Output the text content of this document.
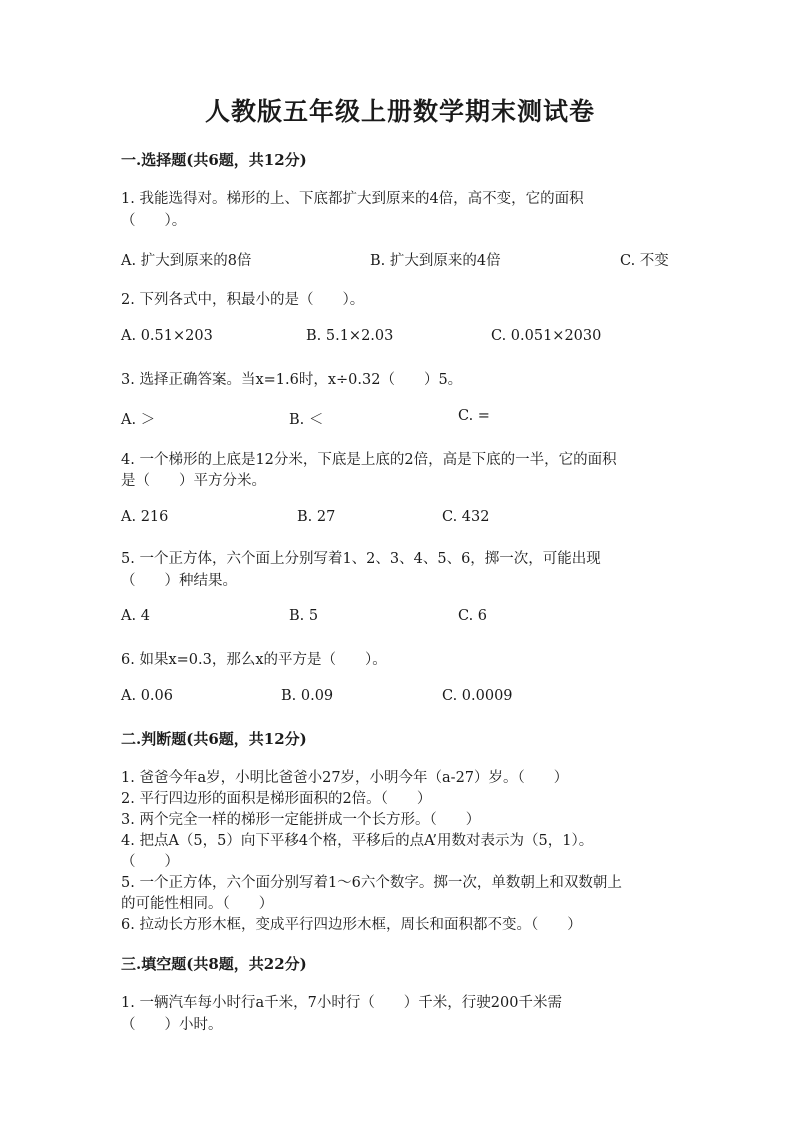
人教版五年级上册数学期末测试卷
一.选择题(共6题，共12分)
1. 我能选得对。梯形的上、下底都扩大到原来的4倍，高不变，它的面积
（　　）。
A. 扩大到原来的8倍	B. 扩大到原来的4倍	C. 不变
2. 下列各式中，积最小的是（　　）。
A. 0.51×203	B. 5.1×2.03	C. 0.051×2030
3. 选择正确答案。当x=1.6时，x÷0.32（　　）5。
A. ＞	B. ＜	C. =
4. 一个梯形的上底是12分米，下底是上底的2倍，高是下底的一半，它的面积
是（　　）平方分米。
A. 216	B. 27	C. 432
5. 一个正方体，六个面上分别写着1、2、3、4、5、6，掷一次，可能出现
（　　）种结果。
A. 4	B. 5	C. 6
6. 如果x=0.3，那么x的平方是（　　）。
A. 0.06	B. 0.09	C. 0.0009
二.判断题(共6题，共12分)
1. 爸爸今年a岁，小明比爸爸小27岁，小明今年（a-27）岁。（　　）
2. 平行四边形的面积是梯形面积的2倍。（　　）
3. 两个完全一样的梯形一定能拼成一个长方形。（　　）
4. 把点A（5，5）向下平移4个格，平移后的点A’用数对表示为（5，1）。
（　　）
5. 一个正方体，六个面分别写着1～6六个数字。掷一次，单数朝上和双数朝上
的可能性相同。（　　）
6. 拉动长方形木框，变成平行四边形木框，周长和面积都不变。（　　）
三.填空题(共8题，共22分)
1. 一辆汽车每小时行a千米，7小时行（　　）千米，行驶200千米需
（　　）小时。
